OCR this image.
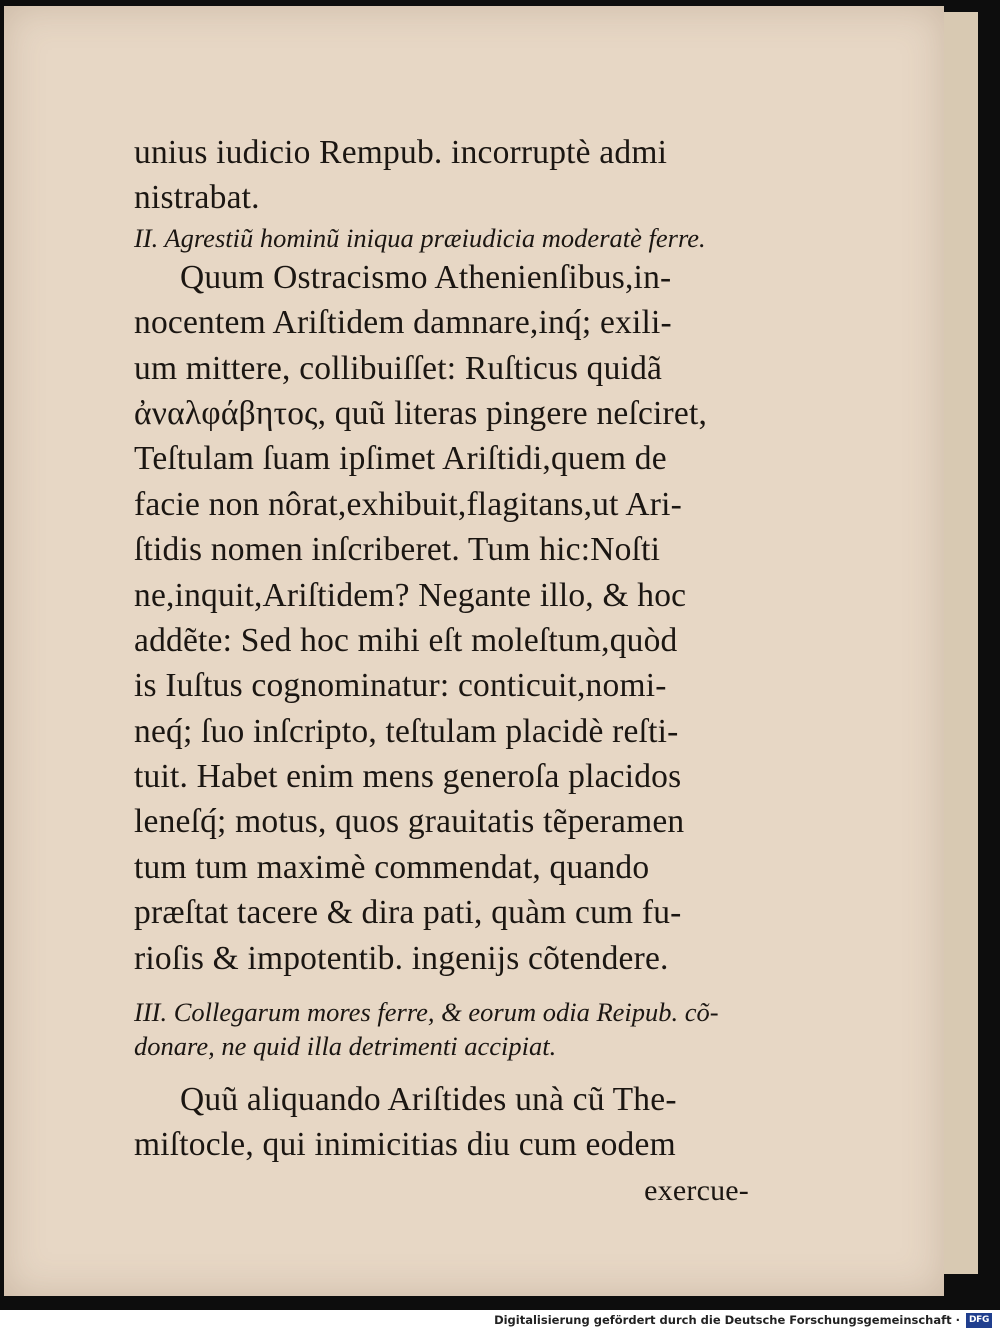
unius iudicio Rempub. incorruptè admi
nistrabat.
II. Agrestiũ hominũ iniqua præiudicia moderatè ferre.
Quum Ostracismo Athenienſibus,in-
nocentem Ariſtidem damnare,inq́; exili-
um mittere, collibuiſſet: Ruſticus quidã
ἀναλφάβητος, quũ literas pingere neſciret,
Teſtulam ſuam ipſimet Ariſtidi,quem de
facie non nôrat,exhibuit,flagitans,ut Ari-
ſtidis nomen inſcriberet. Tum hic:Noſti
ne,inquit,Ariſtidem? Negante illo, & hoc
addẽte: Sed hoc mihi eſt moleſtum,quòd
is Iuſtus cognominatur: conticuit,nomi-
neq́; ſuo inſcripto, teſtulam placidè reſti-
tuit. Habet enim mens generoſa placidos
leneſq́; motus, quos grauitatis tẽperamen
tum tum maximè commendat, quando
præſtat tacere & dira pati, quàm cum fu-
rioſis & impotentib. ingenijs cõtendere.
III. Collegarum mores ferre, & eorum odia Reipub. cõ-
donare, ne quid illa detrimenti accipiat.
Quũ aliquando Ariſtides unà cũ The-
miſtocle, qui inimicitias diu cum eodem
exercue-
Digitalisierung gefördert durch die Deutsche Forschungsgemeinschaft · DFG
